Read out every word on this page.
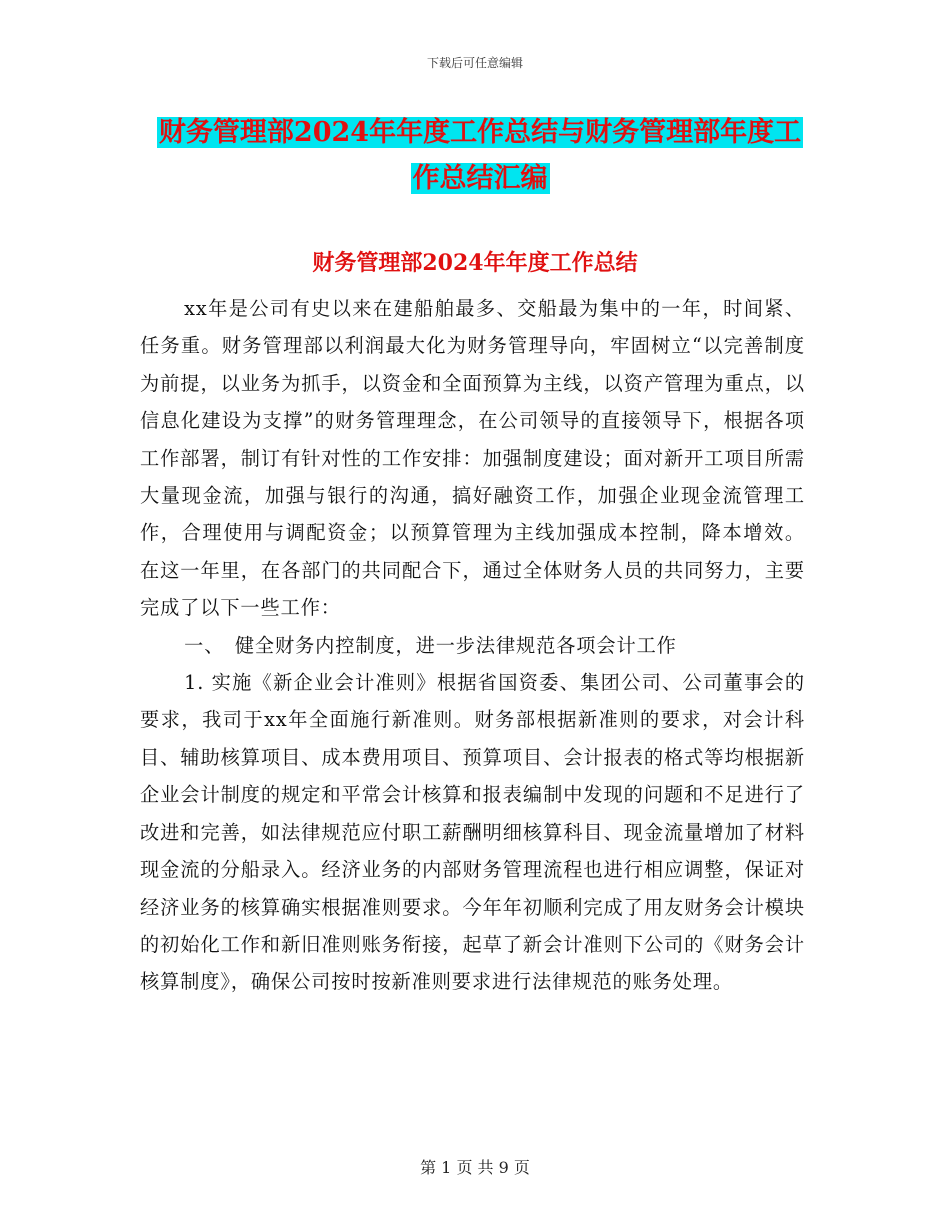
下载后可任意编辑
财务管理部2024年年度工作总结与财务管理部年度工
作总结汇编
财务管理部2024年年度工作总结

xx年是公司有史以来在建船舶最多、交船最为集中的一年，时间紧、任务重。财务管理部以利润最大化为财务管理导向，牢固树立“以完善制度为前提，以业务为抓手，以资金和全面预算为主线，以资产管理为重点，以信息化建设为支撑”的财务管理理念，在公司领导的直接领导下，根据各项工作部署，制订有针对性的工作安排：加强制度建设；面对新开工项目所需大量现金流，加强与银行的沟通，搞好融资工作，加强企业现金流管理工作，合理使用与调配资金；以预算管理为主线加强成本控制，降本增效。 在这一年里，在各部门的共同配合下，通过全体财务人员的共同努力，主要完成了以下一些工作：

一、　健全财务内控制度，进一步法律规范各项会计工作

1. 实施《新企业会计准则》根据省国资委、集团公司、公司董事会的要求，我司于xx年全面施行新准则。财务部根据新准则的要求，对会计科目、辅助核算项目、成本费用项目、预算项目、会计报表的格式等均根据新企业会计制度的规定和平常会计核算和报表编制中发现的问题和不足进行了改进和完善，如法律规范应付职工薪酬明细核算科目、现金流量增加了材料现金流的分船录入。经济业务的内部财务管理流程也进行相应调整，保证对经济业务的核算确实根据准则要求。今年年初顺利完成了用友财务会计模块的初始化工作和新旧准则账务衔接，起草了新会计准则下公司的《财务会计核算制度》，确保公司按时按新准则要求进行法律规范的账务处理。

第 1 页 共 9 页
